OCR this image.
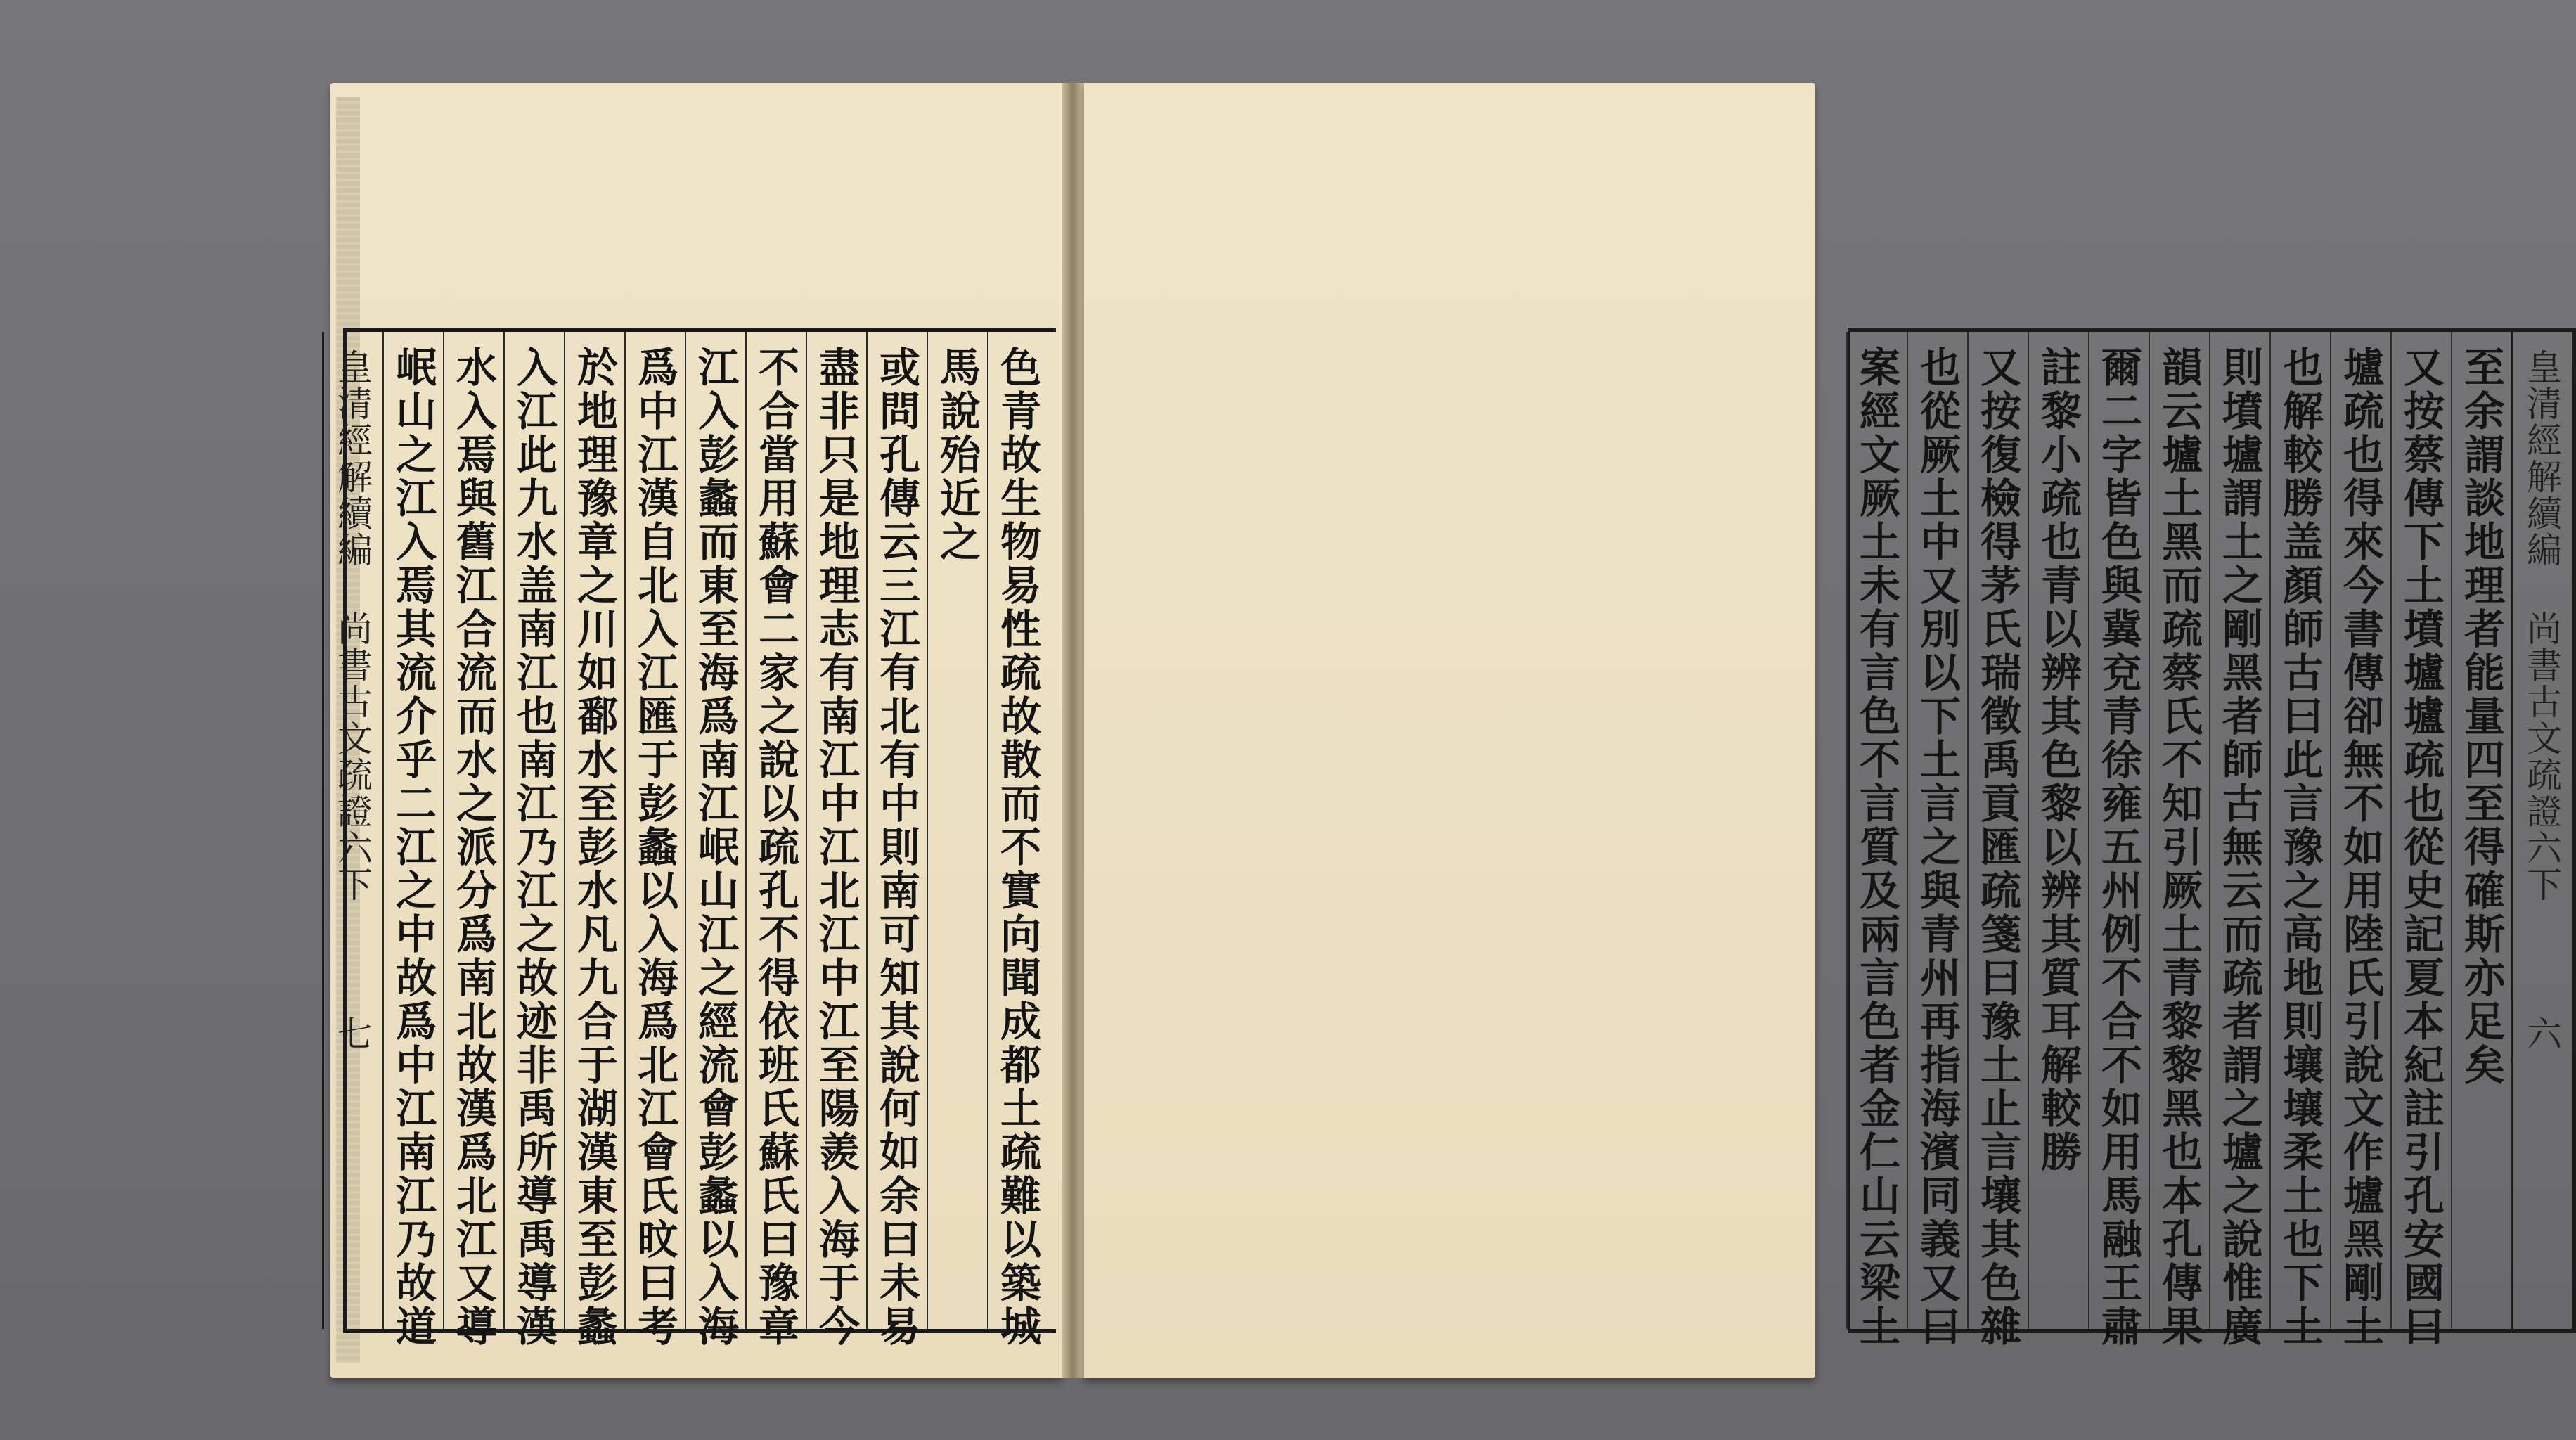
色青故生物易性疏故散而不實向聞成都土疏難以築城
馬說殆近之
或問孔傳云三江有北有中則南可知其說何如余曰未易
盡非只是地理志有南江中江北江中江至陽羨入海于今
不合當用蘇會二家之說以疏孔不得依班氏蘇氏曰豫章
江入彭蠡而東至海爲南江岷山江之經流會彭蠡以入海
爲中江漢自北入江匯于彭蠡以入海爲北江會氏旼曰考
於地理豫章之川如鄱水至彭水凡九合于湖漢東至彭蠡
入江此九水盖南江也南江乃江之故迹非禹所導禹導漢
水入焉與舊江合流而水之派分爲南北故漢爲北江又導
岷山之江入焉其流介乎二江之中故爲中江南江乃故道
皇清經解續編 尚書古文疏證六下 七
皇清經解續編 尚書古文疏證六下 六
至余謂談地理者能量四至得確斯亦足矣
又按蔡傳下土墳壚壚疏也從史記夏本紀註引孔安國曰
壚疏也得來今書傳卻無不如用陸氏引說文作壚黑剛土
也解較勝盖顏師古曰此言豫之高地則壤壤柔土也下土
則墳壚謂土之剛黑者師古無云而疏者謂之壚之說惟廣
韻云壚土黑而疏蔡氏不知引厥土青黎黎黑也本孔傳果
爾二字皆色與冀兗青徐雍五州例不合不如用馬融王肅
註黎小疏也青以辨其色黎以辨其質耳解較勝
又按復檢得茅氏瑞徵禹貢匯疏箋曰豫土止言壤其色雜
也從厥土中又別以下土言之與青州再指海濱同義又曰
案經文厥土未有言色不言質及兩言色者金仁山云梁土
